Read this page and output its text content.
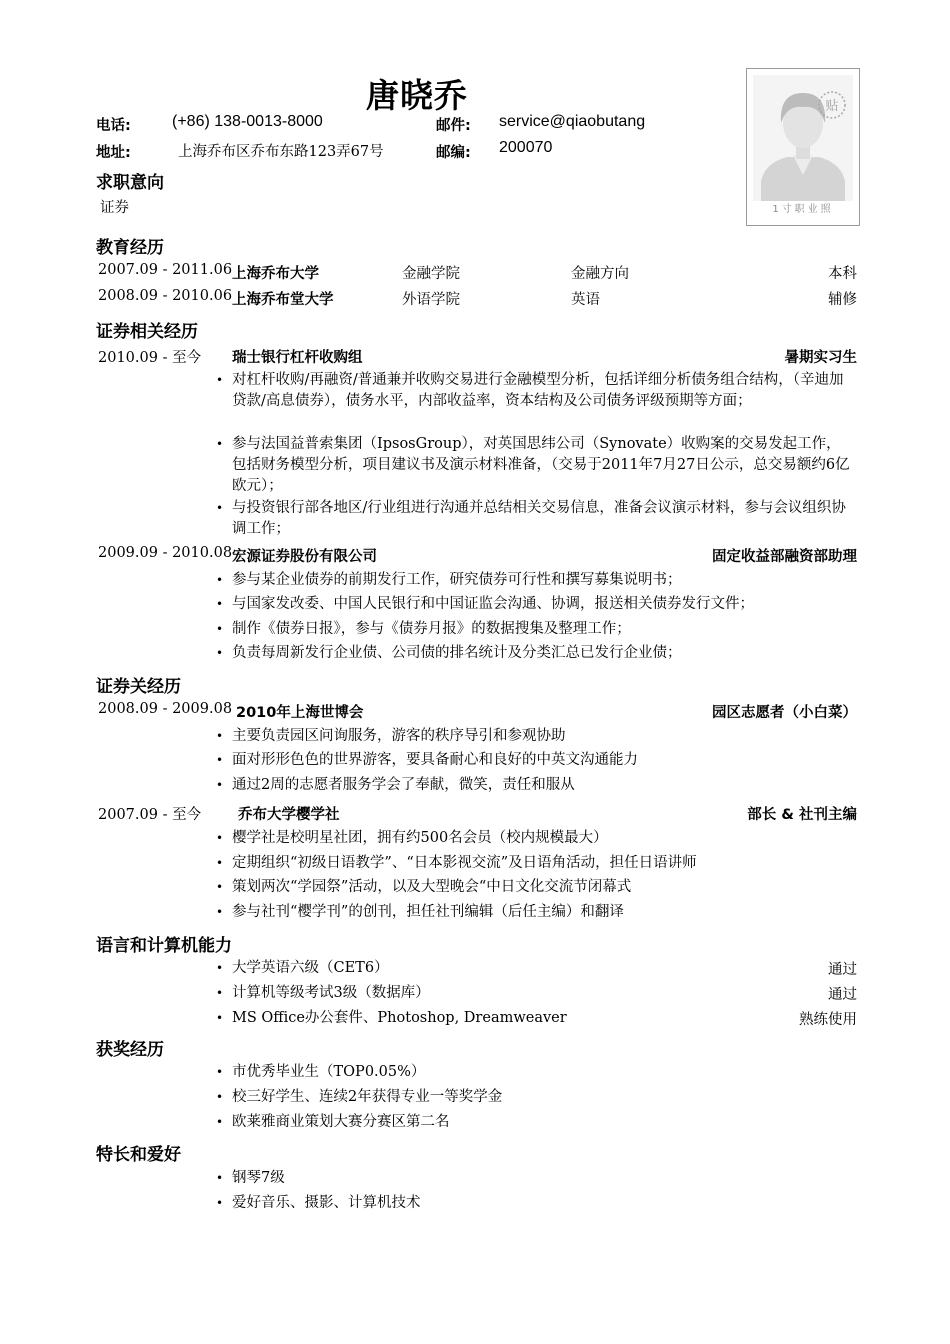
唐晓乔
电话:	(+86) 138-0013-8000	邮件: service@qiaobutang
地址:	上海乔布区乔布东路123弄67号	邮编: 200070
贴
1寸职业照
求职意向
证券
教育经历
2007.09 - 2011.06 上海乔布大学	金融学院	金融方向	本科
2008.09 - 2010.06 上海乔布堂大学	外语学院	英语	辅修
证券相关经历
2010.09 - 至今 瑞士银行杠杆收购组	暑期实习生
• 对杠杆收购/再融资/普通兼并收购交易进行金融模型分析，包括详细分析债务组合结构，（辛迪加贷款/高息债券），债务水平，内部收益率，资本结构及公司债务评级预期等方面；
• 参与法国益普索集团（IpsosGroup），对英国思纬公司（Synovate）收购案的交易发起工作，包括财务模型分析，项目建议书及演示材料准备，（交易于2011年7月27日公示，总交易额约6亿欧元）；
• 与投资银行部各地区/行业组进行沟通并总结相关交易信息，准备会议演示材料，参与会议组织协调工作；
2009.09 - 2010.08 宏源证券股份有限公司	固定收益部融资部助理
• 参与某企业债券的前期发行工作，研究债券可行性和撰写募集说明书；
• 与国家发改委、中国人民银行和中国证监会沟通、协调，报送相关债券发行文件；
• 制作《债券日报》，参与《债券月报》的数据搜集及整理工作；
• 负责每周新发行企业债、公司债的排名统计及分类汇总已发行企业债；
证券关经历
2008.09 - 2009.08 2010年上海世博会	园区志愿者（小白菜）
• 主要负责园区问询服务，游客的秩序导引和参观协助
• 面对形形色色的世界游客，要具备耐心和良好的中英文沟通能力
• 通过2周的志愿者服务学会了奉献，微笑，责任和服从
2007.09 - 至今	乔布大学樱学社	部长 & 社刊主编
• 樱学社是校明星社团，拥有约500名会员（校内规模最大）
• 定期组织“初级日语教学”、“日本影视交流”及日语角活动，担任日语讲师
• 策划两次“学园祭”活动，以及大型晚会“中日文化交流节闭幕式
• 参与社刊“樱学刊”的创刊，担任社刊编辑（后任主编）和翻译
语言和计算机能力
• 大学英语六级（CET6）	通过
• 计算机等级考试3级（数据库）	通过
• MS Office办公套件、Photoshop, Dreamweaver	熟练使用
获奖经历
• 市优秀毕业生（TOP0.05%）
• 校三好学生、连续2年获得专业一等奖学金
• 欧莱雅商业策划大赛分赛区第二名
特长和爱好
• 钢琴7级
• 爱好音乐、摄影、计算机技术
